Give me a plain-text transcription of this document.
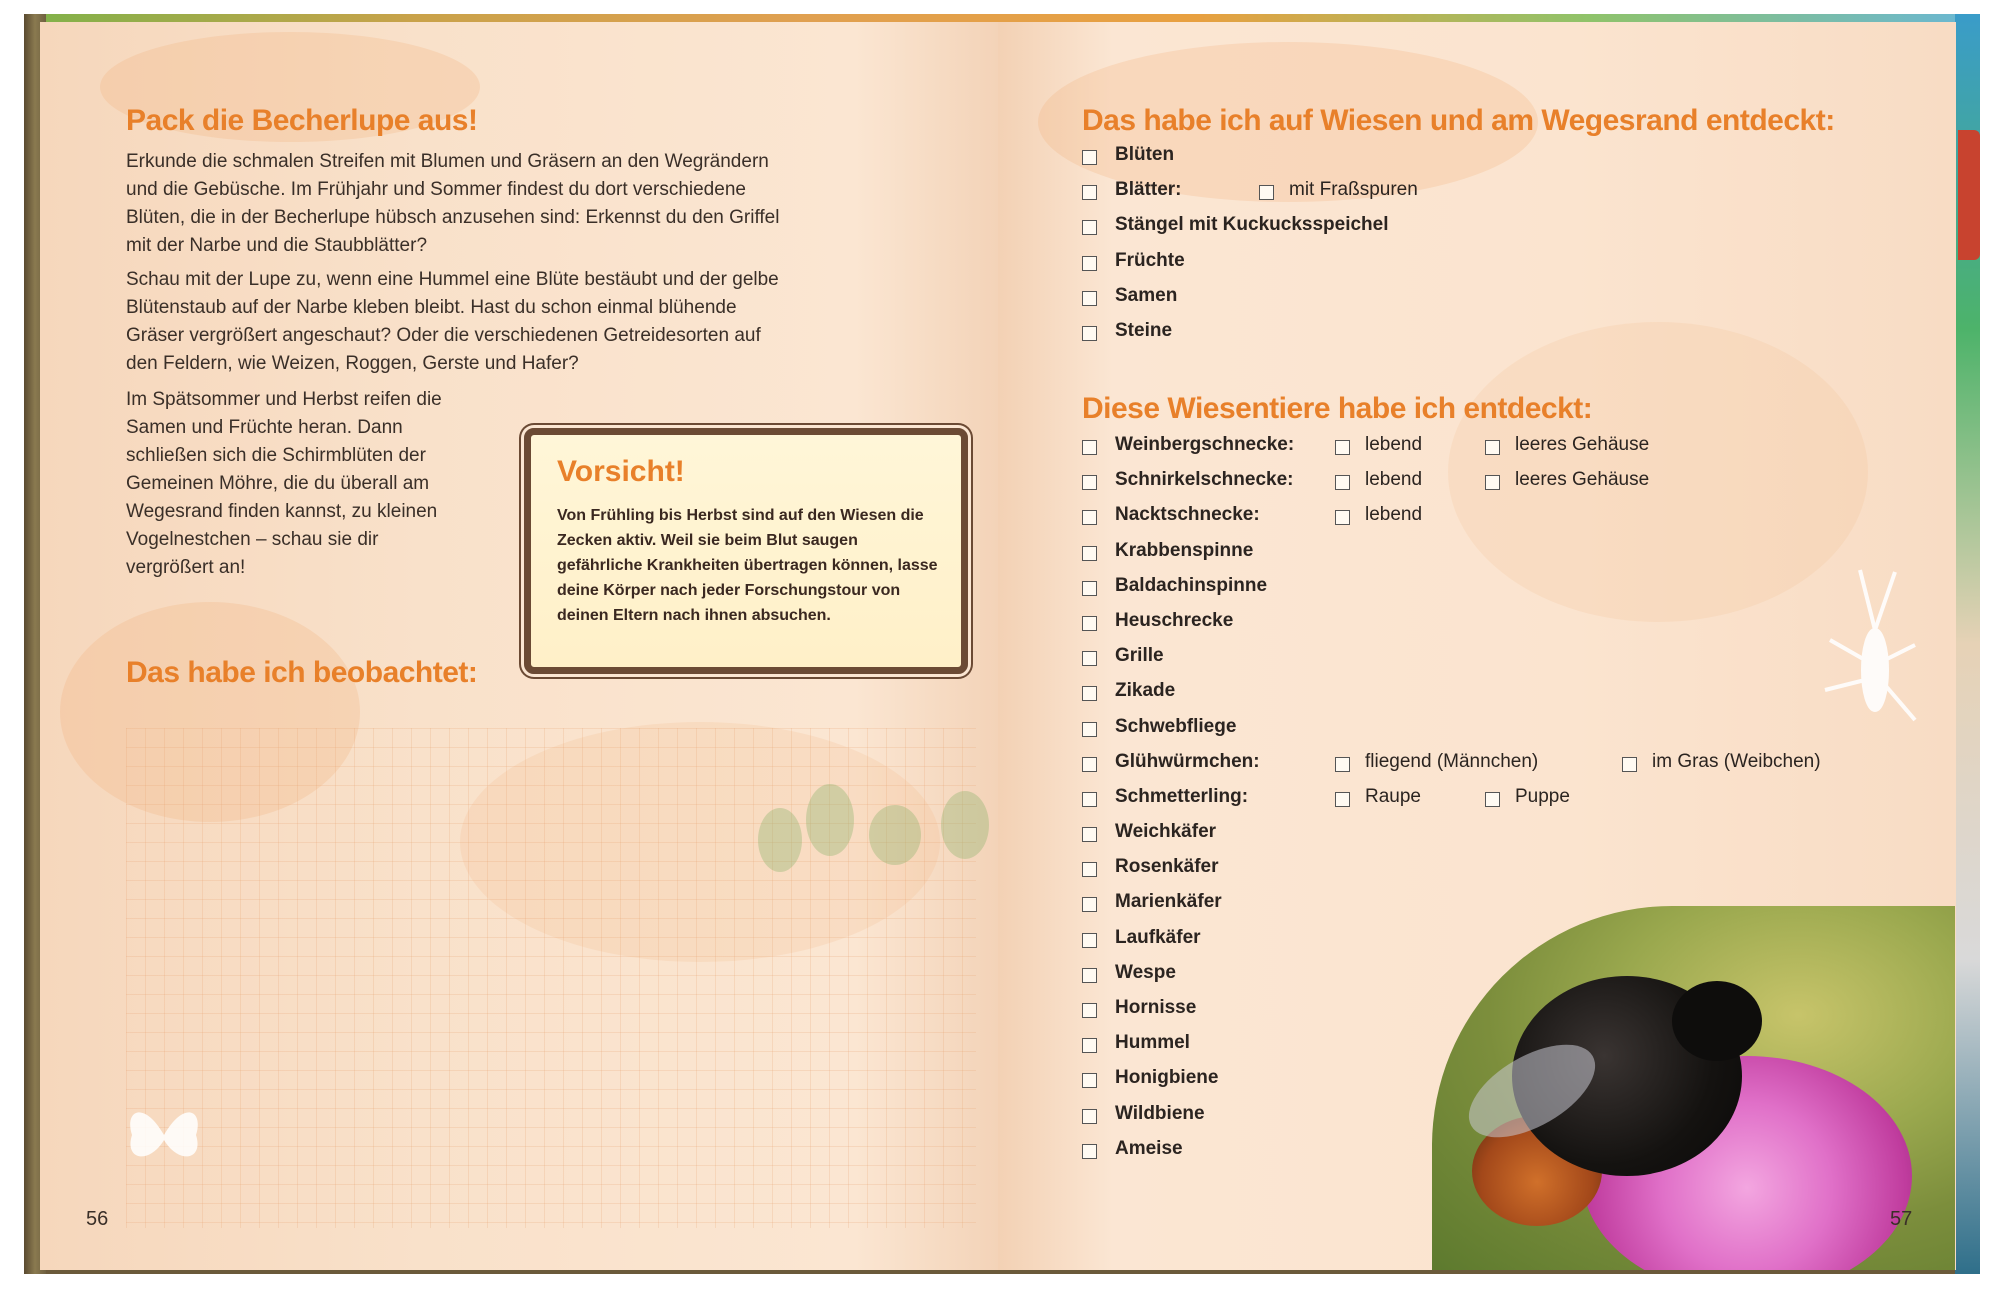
Pack die Becherlupe aus!

Erkunde die schmalen Streifen mit Blumen und Gräsern an den Wegrändern und die Gebüsche. Im Frühjahr und Sommer findest du dort verschiedene Blüten, die in der Becherlupe hübsch anzusehen sind: Erkennst du den Griffel mit der Narbe und die Staubblätter?

Schau mit der Lupe zu, wenn eine Hummel eine Blüte bestäubt und der gelbe Blütenstaub auf der Narbe kleben bleibt. Hast du schon einmal blühende Gräser vergrößert angeschaut? Oder die verschiedenen Getreidesorten auf den Feldern, wie Weizen, Roggen, Gerste und Hafer?

Im Spätsommer und Herbst reifen die Samen und Früchte heran. Dann schließen sich die Schirmblüten der Gemeinen Möhre, die du überall am Wegesrand finden kannst, zu kleinen Vogelnestchen – schau sie dir vergrößert an!

Vorsicht!
Von Frühling bis Herbst sind auf den Wiesen die Zecken aktiv. Weil sie beim Blut saugen gefährliche Krankheiten übertragen können, lasse deine Körper nach jeder Forschungstour von deinen Eltern nach ihnen absuchen.
Das habe ich beobachtet:
56
Das habe ich auf Wiesen und am Wegesrand entdeckt:
Blüten
Blätter:	mit Fraßspuren
Stängel mit Kuckucksspeichel
Früchte
Samen
Steine
Diese Wiesentiere habe ich entdeckt:
Weinbergschnecke:	lebend	leeres Gehäuse
Schnirkelschnecke:	lebend	leeres Gehäuse
Nacktschnecke:	lebend
Krabbenspinne
Baldachinspinne
Heuschrecke
Grille
Zikade
Schwebfliege
Glühwürmchen:	fliegend (Männchen)	im Gras (Weibchen)
Schmetterling:	Raupe	Puppe
Weichkäfer
Rosenkäfer
Marienkäfer
Laufkäfer
Wespe
Hornisse
Hummel
Honigbiene
Wildbiene
Ameise
57
